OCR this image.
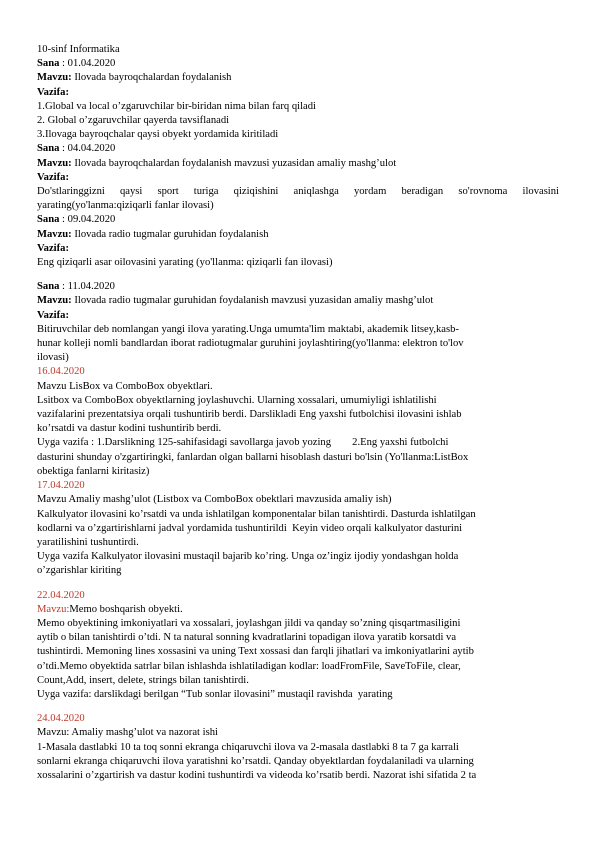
10-sinf Informatika
Sana : 01.04.2020
Mavzu: Ilovada bayroqchalardan foydalanish
Vazifa:
1.Global va local o’zgaruvchilar bir-biridan nima bilan farq qiladi
2. Global o’zgaruvchilar qayerda tavsiflanadi
3.Ilovaga bayroqchalar qaysi obyekt yordamida kiritiladi
Sana : 04.04.2020
Mavzu: Ilovada bayroqchalardan foydalanish mavzusi yuzasidan amaliy mashg’ulot
Vazifa:
Do'stlaringgizni qaysi sport turiga qiziqishini aniqlashga yordam beradigan so'rovnoma ilovasini
yarating(yo'lanma:qiziqarli fanlar ilovasi)
Sana : 09.04.2020
Mavzu: Ilovada radio tugmalar guruhidan foydalanish
Vazifa:
Eng qiziqarli asar oilovasini yarating (yo'llanma: qiziqarli fan ilovasi)
Sana : 11.04.2020
Mavzu: Ilovada radio tugmalar guruhidan foydalanish mavzusi yuzasidan amaliy mashg’ulot
Vazifa:
Bitiruvchilar deb nomlangan yangi ilova yarating.Unga umumta'lim maktabi, akademik litsey,kasb-
hunar kolleji nomli bandlardan iborat radiotugmalar guruhini joylashtiring(yo'llanma: elektron to'lov
ilovasi)
16.04.2020
Mavzu LisBox va ComboBox obyektlari.
Lsitbox va ComboBox obyektlarning joylashuvchi. Ularning xossalari, umumiyligi ishlatilishi
vazifalarini prezentatsiya orqali tushuntirib berdi. Darslikladi Eng yaxshi futbolchisi ilovasini ishlab
ko’rsatdi va dastur kodini tushuntirib berdi.
Uyga vazifa : 1.Darslikning 125-sahifasidagi savollarga javob yozing        2.Eng yaxshi futbolchi
dasturini shunday o'zgartiringki, fanlardan olgan ballarni hisoblash dasturi bo'lsin (Yo'llanma:ListBox
obektiga fanlarni kiritasiz)
17.04.2020
Mavzu Amaliy mashg’ulot (Listbox va ComboBox obektlari mavzusida amaliy ish)
Kalkulyator ilovasini ko’rsatdi va unda ishlatilgan komponentalar bilan tanishtirdi. Dasturda ishlatilgan
kodlarni va o’zgartirishlarni jadval yordamida tushuntirildi  Keyin video orqali kalkulyator dasturini
yaratilishini tushuntirdi.
Uyga vazifa Kalkulyator ilovasini mustaqil bajarib ko’ring. Unga oz’ingiz ijodiy yondashgan holda
o’zgarishlar kiriting
22.04.2020
Mavzu:Memo boshqarish obyekti.
Memo obyektining imkoniyatlari va xossalari, joylashgan jildi va qanday so’zning qisqartmasiligini
aytib o bilan tanishtirdi o’tdi. N ta natural sonning kvadratlarini topadigan ilova yaratib korsatdi va
tushintirdi. Memoning lines xossasini va uning Text xossasi dan farqli jihatlari va imkoniyatlarini aytib
o’tdi.Memo obyektida satrlar bilan ishlashda ishlatiladigan kodlar: loadFromFile, SaveToFile, clear,
Count,Add, insert, delete, strings bilan tanishtirdi.
Uyga vazifa: darslikdagi berilgan “Tub sonlar ilovasini” mustaqil ravishda  yarating
24.04.2020
Mavzu: Amaliy mashg’ulot va nazorat ishi
1-Masala dastlabki 10 ta toq sonni ekranga chiqaruvchi ilova va 2-masala dastlabki 8 ta 7 ga karrali
sonlarni ekranga chiqaruvchi ilova yaratishni ko’rsatdi. Qanday obyektlardan foydalaniladi va ularning
xossalarini o’zgartirish va dastur kodini tushuntirdi va videoda ko’rsatib berdi. Nazorat ishi sifatida 2 ta
